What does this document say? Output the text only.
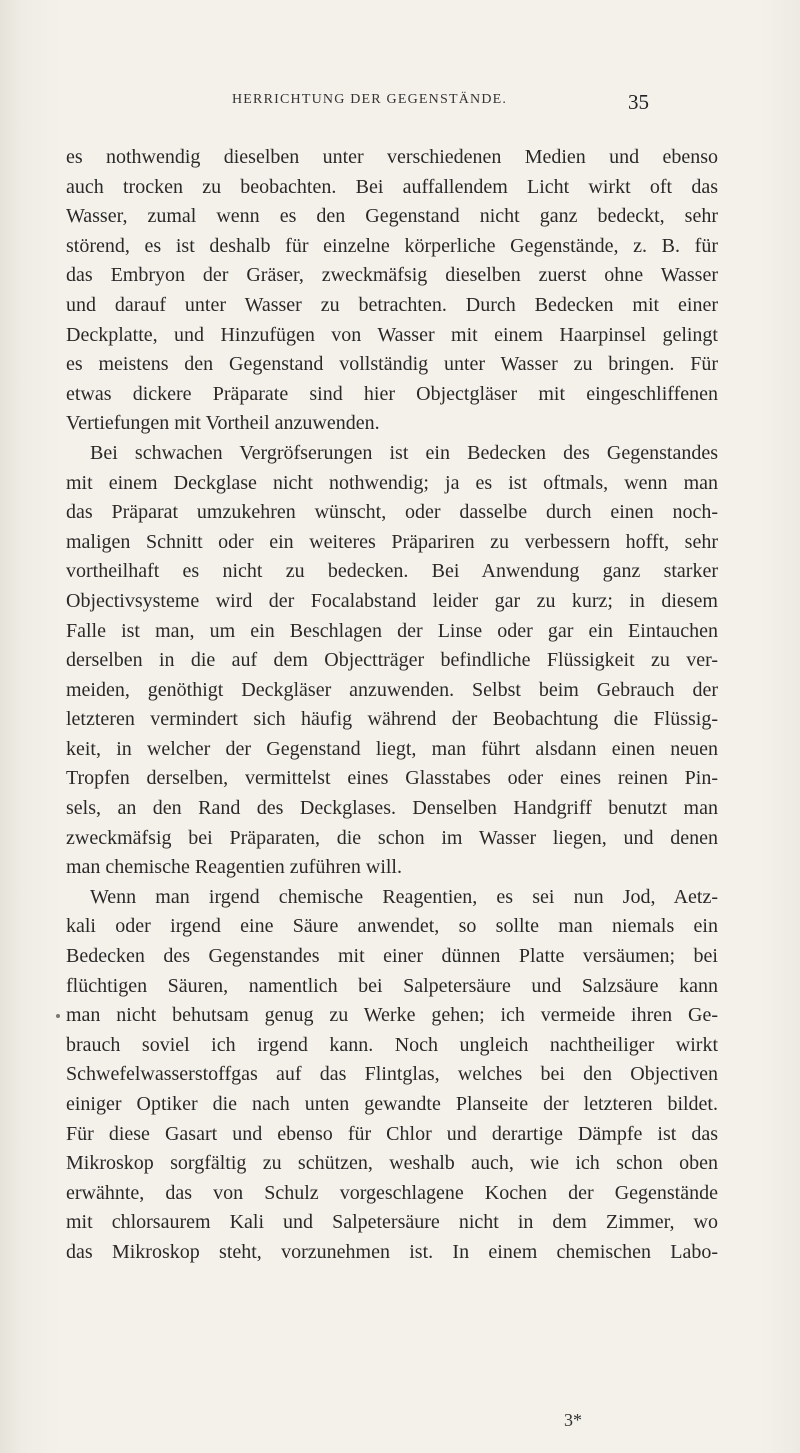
HERRICHTUNG DER GEGENSTÄNDE.	35

es nothwendig dieselben unter verschiedenen Medien und ebenso
auch trocken zu beobachten. Bei auffallendem Licht wirkt oft das
Wasser, zumal wenn es den Gegenstand nicht ganz bedeckt, sehr
störend, es ist deshalb für einzelne körperliche Gegenstände, z. B. für
das Embryon der Gräser, zweckmäfsig dieselben zuerst ohne Wasser
und darauf unter Wasser zu betrachten. Durch Bedecken mit einer
Deckplatte, und Hinzufügen von Wasser mit einem Haarpinsel gelingt
es meistens den Gegenstand vollständig unter Wasser zu bringen. Für
etwas dickere Präparate sind hier Objectgläser mit eingeschliffenen
Vertiefungen mit Vortheil anzuwenden.

Bei schwachen Vergröfserungen ist ein Bedecken des Gegenstandes
mit einem Deckglase nicht nothwendig; ja es ist oftmals, wenn man
das Präparat umzukehren wünscht, oder dasselbe durch einen noch-
maligen Schnitt oder ein weiteres Präpariren zu verbessern hofft, sehr
vortheilhaft es nicht zu bedecken. Bei Anwendung ganz starker
Objectivsysteme wird der Focalabstand leider gar zu kurz; in diesem
Falle ist man, um ein Beschlagen der Linse oder gar ein Eintauchen
derselben in die auf dem Objectträger befindliche Flüssigkeit zu ver-
meiden, genöthigt Deckgläser anzuwenden. Selbst beim Gebrauch der
letzteren vermindert sich häufig während der Beobachtung die Flüssig-
keit, in welcher der Gegenstand liegt, man führt alsdann einen neuen
Tropfen derselben, vermittelst eines Glasstabes oder eines reinen Pin-
sels, an den Rand des Deckglases. Denselben Handgriff benutzt man
zweckmäfsig bei Präparaten, die schon im Wasser liegen, und denen
man chemische Reagentien zuführen will.

Wenn man irgend chemische Reagentien, es sei nun Jod, Aetz-
kali oder irgend eine Säure anwendet, so sollte man niemals ein
Bedecken des Gegenstandes mit einer dünnen Platte versäumen; bei
flüchtigen Säuren, namentlich bei Salpetersäure und Salzsäure kann
man nicht behutsam genug zu Werke gehen; ich vermeide ihren Ge-
brauch soviel ich irgend kann. Noch ungleich nachtheiliger wirkt
Schwefelwasserstoffgas auf das Flintglas, welches bei den Objectiven
einiger Optiker die nach unten gewandte Planseite der letzteren bildet.
Für diese Gasart und ebenso für Chlor und derartige Dämpfe ist das
Mikroskop sorgfältig zu schützen, weshalb auch, wie ich schon oben
erwähnte, das von Schulz vorgeschlagene Kochen der Gegenstände
mit chlorsaurem Kali und Salpetersäure nicht in dem Zimmer, wo
das Mikroskop steht, vorzunehmen ist. In einem chemischen Labo-

3*
